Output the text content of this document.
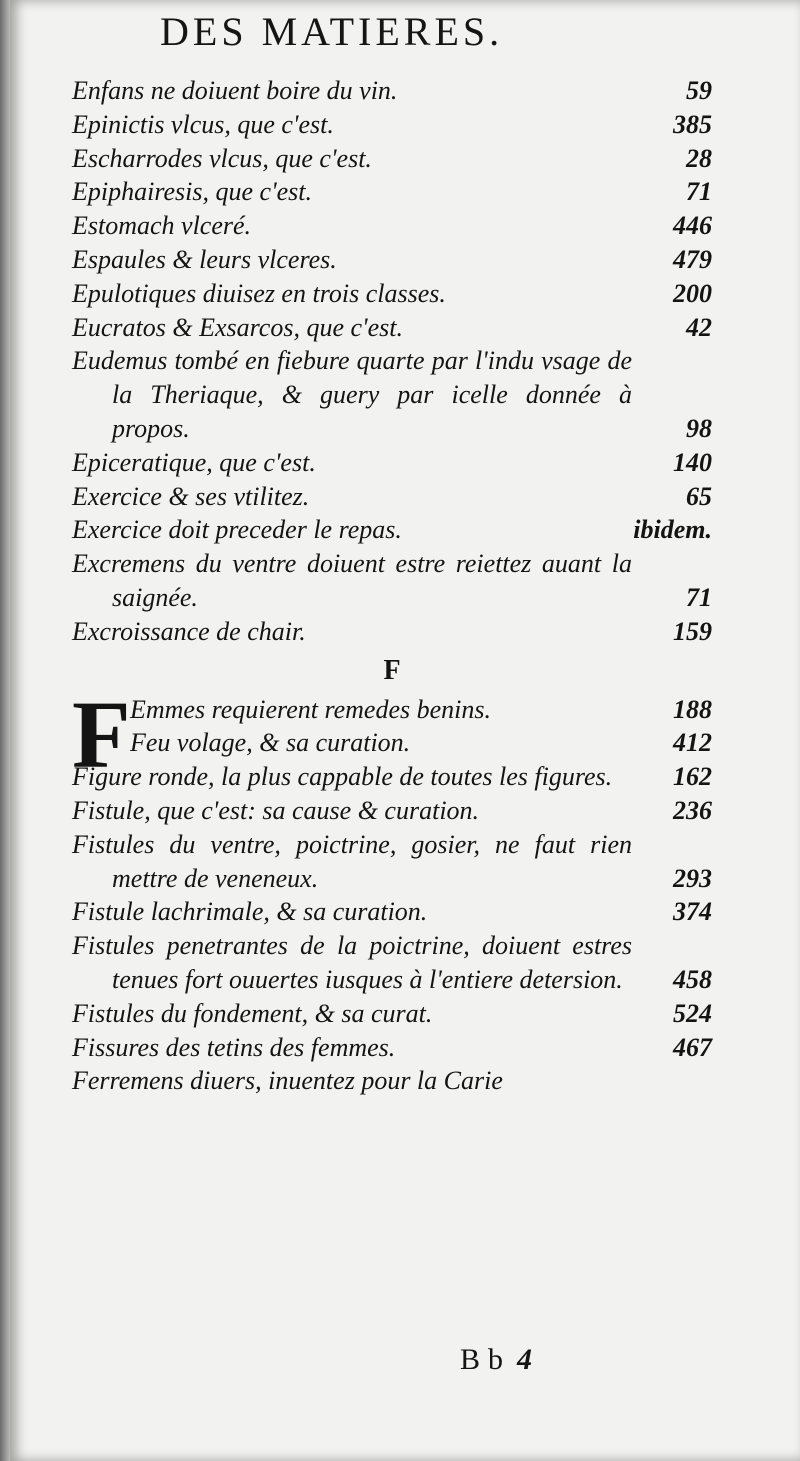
DES MATIERES.
Enfans ne doiuent boire du vin.	59
Epinictis vlcus, que c'est.	385
Escharrodes vlcus, que c'est.	28
Epiphairesis, que c'est.	71
Estomach vlceré.	446
Espaules & leurs vlceres.	479
Epulotiques diuisez en trois classes.	200
Eucratos & Exsarcos, que c'est.	42
Eudemus tombé en fiebure quarte par l'indu vsage de la Theriaque, & guery par icelle donnée à propos.	98
Epiceratique, que c'est.	140
Exercice & ses vtilitez.	65
Exercice doit preceder le repas.	ibidem.
Excremens du ventre doiuent estre reiettez auant la saignée.	71
Excroissance de chair.	159
F
F Emmes requierent remedes benins.	188
Feu volage, & sa curation.	412
Figure ronde, la plus cappable de toutes les figures.	162
Fistule, que c'est: sa cause & curation.	236
Fistules du ventre, poictrine, gosier, ne faut rien mettre de veneneux.	293
Fistule lachrimale, & sa curation.	374
Fistules penetrantes de la poictrine, doiuent estres tenues fort ouuertes iusques à l'entiere detersion.	458
Fistules du fondement, & sa curat.	524
Fissures des tetins des femmes.	467
Ferremens diuers, inuentez pour la Carie
Bb 4
